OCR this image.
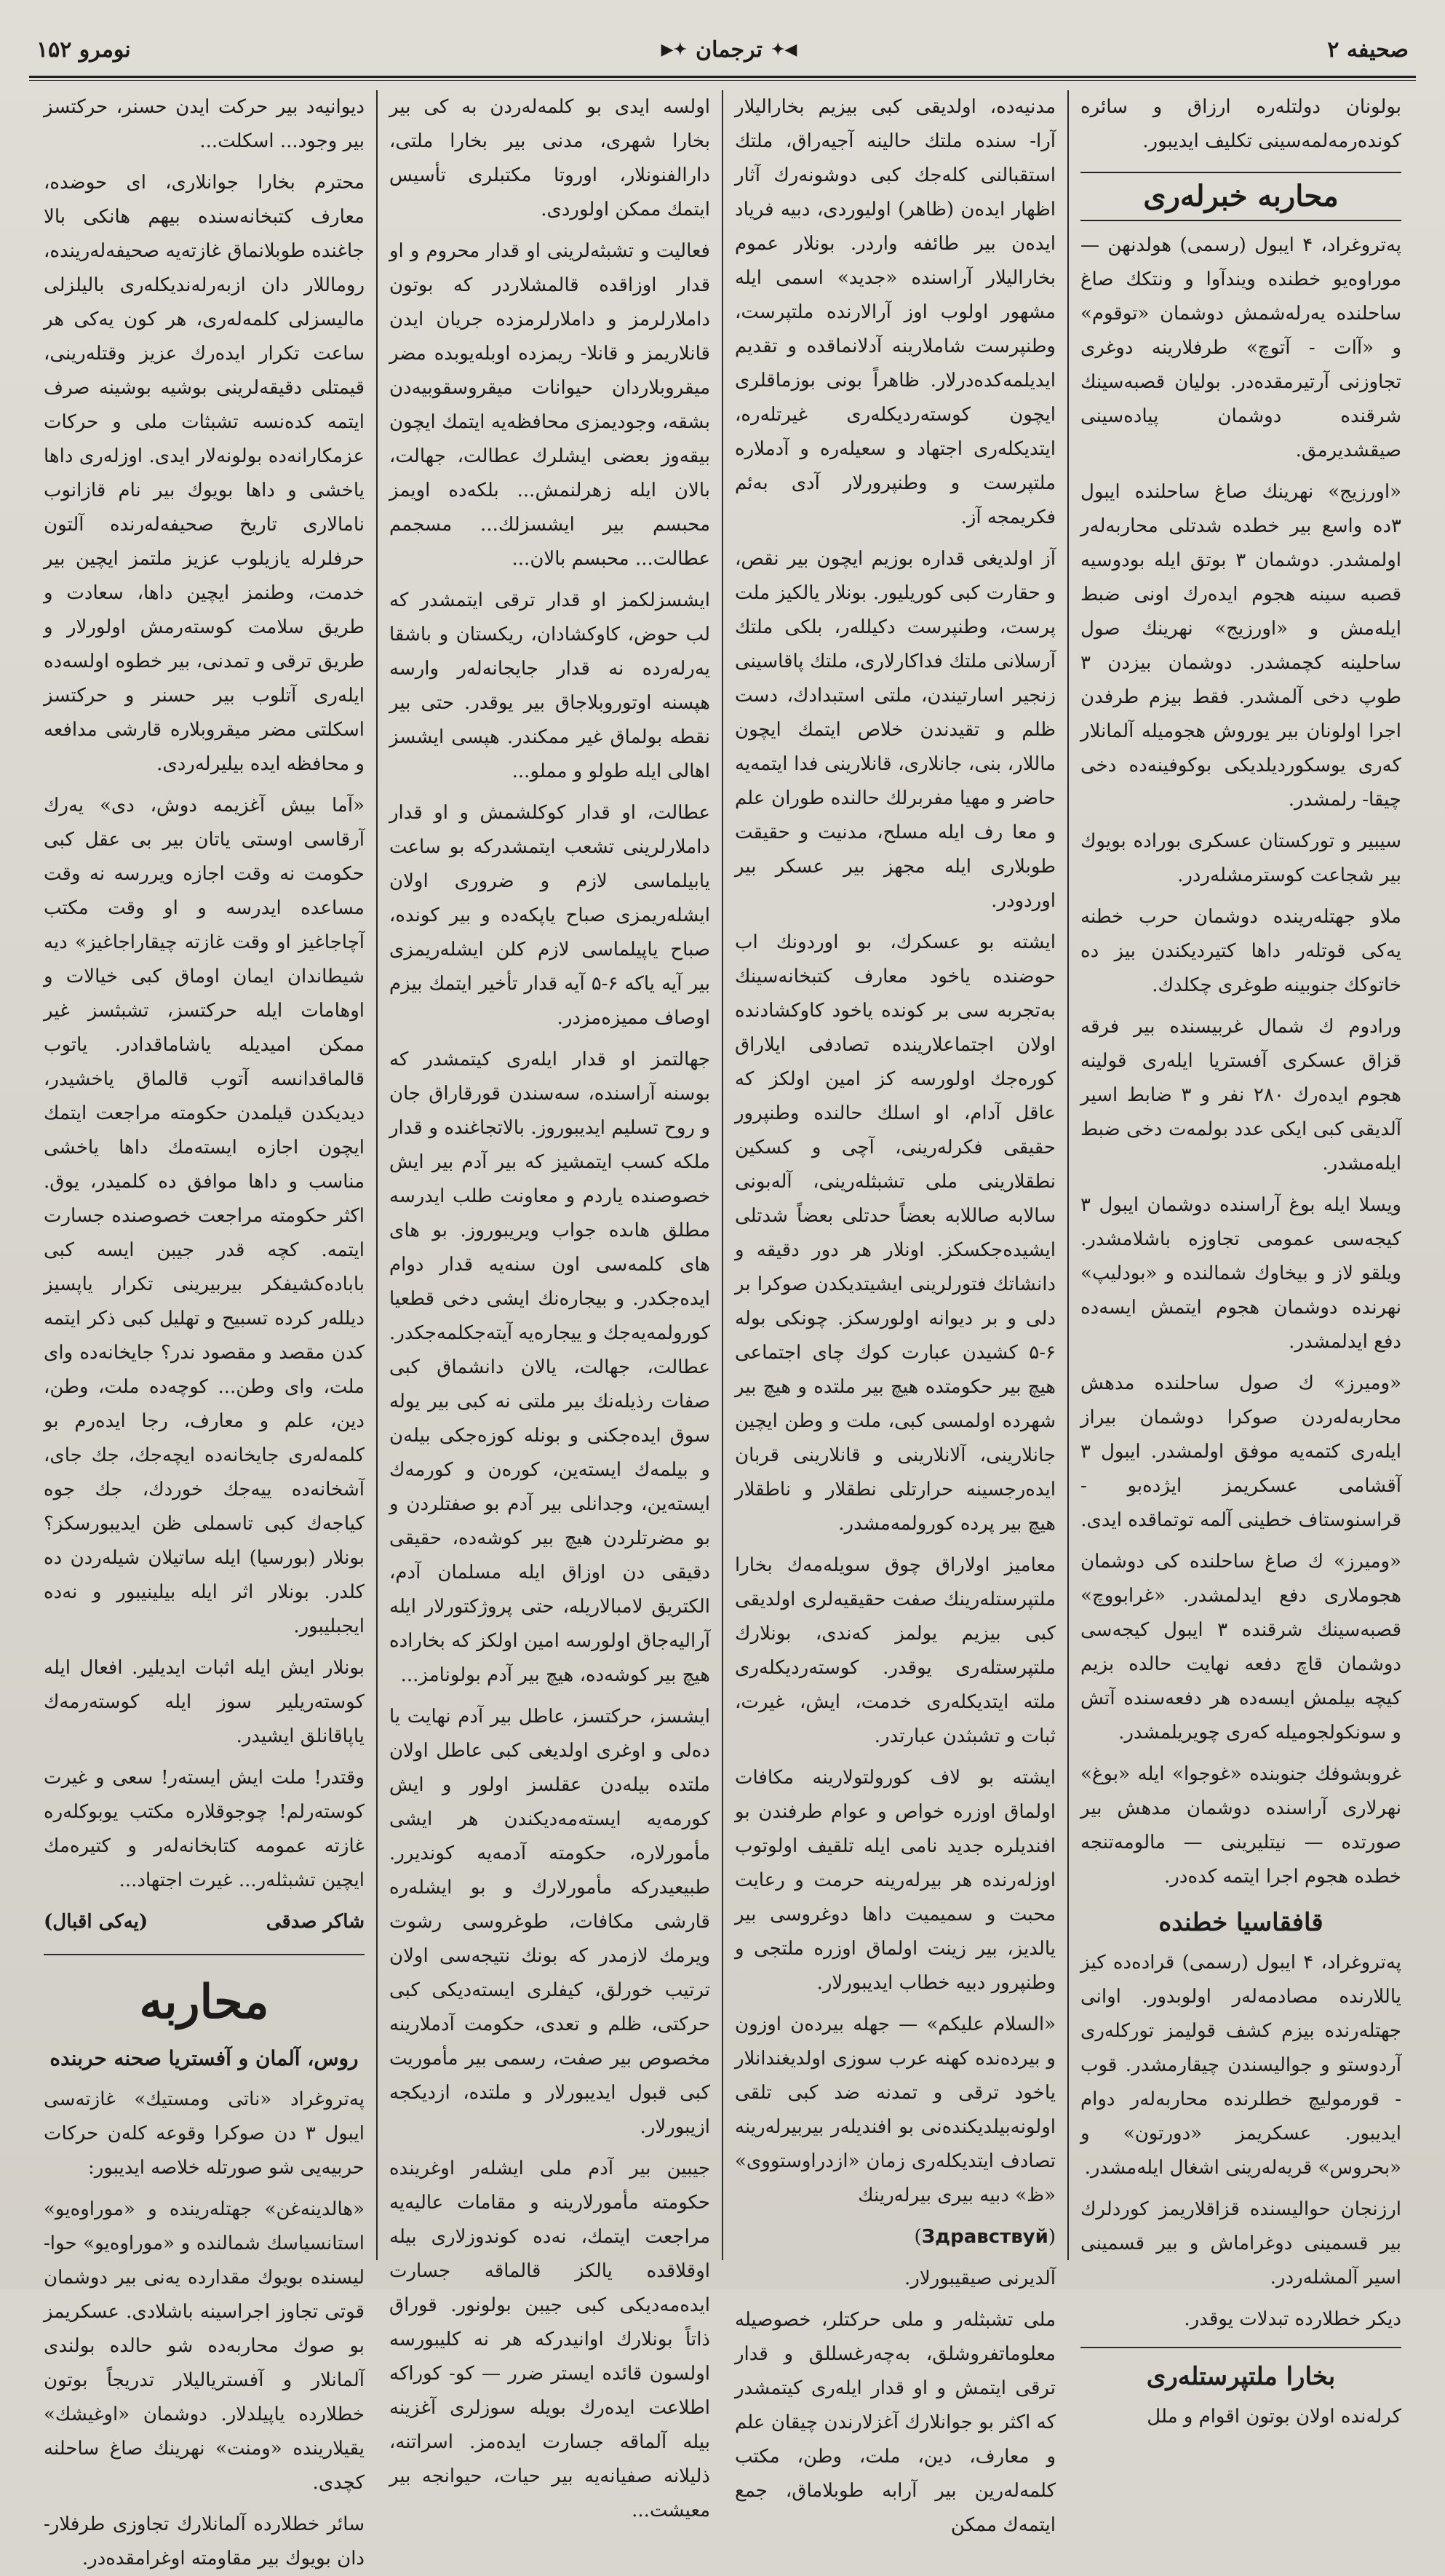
صحیفه ۲
◀✦
ترجمان
✦▶
نومرو ۱۵۲

بولونان دولتلەرە ارزاق و سائرە کوندەرمەلمەسینی تکلیف ایدیبور.

محاربه خبرلەری

پەتروغراد، ۴ ایبول (رسمی) هولدنهن — موراوەیو خطندە ویندآوا و ونتکك صاغ ساحلندە یەرلەشمش دوشمان «توقوم» و «آات - آتوچ» طرفلارینە دوغری تجاوزنی آرتیرمقدەدر. بولیان قصبەسینك شرقندە دوشمان پیادەسینی صیقشدیرمق.

«اورزیج» نهرینك صاغ ساحلندە ایبول ۳دە واسع بیر خطدە شدتلی محاربەلەر اولمشدر. دوشمان ۳ بوتق ایلە بودوسیە قصبە سینە هجوم ایدەرك اونی ضبط ایلەمش و «اورزیج» نهرینك صول ساحلینە کچمشدر. دوشمان بیزدن ۳ طوپ دخی آلمشدر. فقط بیزم طرفدن اجرا اولونان بیر یوروش هجومیلە آلمانلار کەری یوسکوردیلدیکی بوکوفینەدە دخی چیقا- رلمشدر.

سیبیر و تورکستان عسکری بورادە بویوك بیر شجاعت کوسترمشلەردر.

ملاو جهتلەریندە دوشمان حرب خطنە یەکی قوتلەر داها کتیردیکندن بیز دە خاتوکك جنوبینە طوغری چکلدك.

ورادوم ك شمال غربیسندە بیر فرقە قزاق عسکری آفستریا ایلەری قولینە هجوم ایدەرك ۲۸۰ نفر و ۳ ضابط اسیر آلدیقی کبی ایکی عدد بولمەت دخی ضبط ایلەمشدر.

ویسلا ایلە بوغ آراسندە دوشمان ایبول ۳ کیجەسی عمومی تجاوزە باشلامشدر. ویلقو لاز و بیخاوك شمالندە و «بودلیپ» نهرندە دوشمان هجوم ایتمش ایسەدە دفع ایدلمشدر.

«ومیرز» ك صول ساحلندە مدهش محاربەلەردن صوکرا دوشمان بیراز ایلەری کتمەیە موفق اولمشدر. ایبول ۳ آقشامی عسکریمز ایژدەبو - قراسنوستاف خطینی آلمە توتماقدە ایدی.

«ومیرز» ك صاغ ساحلندە کی دوشمان هجوملاری دفع ایدلمشدر. «غرابووچ» قصبەسینك شرقندە ۳ ایبول کیجەسی دوشمان قاچ دفعە نهایت حالدە بزیم کیچە بیلمش ایسەدە هر دفعەسندە آتش و سونکولجومیلە کەری چویریلمشدر.

غروبشوفك جنوبندە «غوجوا» ایلە «بوغ» نهرلاری آراسندە دوشمان مدهش بیر صورتدە — نیتلیرینی — مالومەتنجە خطدە هجوم اجرا ایتمە کدەدر.

قافقاسیا خطندە

پەتروغراد، ۴ ایبول (رسمی) قرادەدە کیز یاللارندە مصادمەلەر اولوبدور. اوانی جهتلەرندە بیزم کشف قولیمز تورکلەری آردوستو و جوالیسندن چیقارمشدر. قوب - قورمولیچ خطلرندە محاربەلەر دوام ایدیبور. عسکریمز «دورتون» و «بحروس» قریەلەرینی اشغال ایلەمشدر.

ارزنجان حوالیسندە قزاقلاریمز کوردلرك بیر قسمینی دوغراماش و بیر قسمینی اسیر آلمشلەردر.

دیکر خطلاردە تبدلات یوقدر.

بخارا ملتپرستلەری

کرلەندە اولان بوتون اقوام و ملل

مدنیەدە، اولدیقی کبی بیزیم بخارالیلار آرا- سندە ملتك حالینە آجیەراق، ملتك استقبالنی کلەجك کبی دوشونەرك آثار اظهار ایدەن (ظاهر) اولیوردى، دبیه فریاد ایدەن بیر طائفە واردر. بونلار عموم بخارالیلار آراسندە «جدید» اسمی ایلە مشهور اولوب اوز آرالارندە ملتپرست، وطنپرست شاملارینە آدلانماقدە و تقدیم ایدیلمەکدەدرلار. ظاهراً بونی بوزماقلری ایچون کوستەردیکلەری غیرتلەرە، ایتدیکلەری اجتهاد و سعیلەرە و آدملارە ملتپرست و وطنپرورلار آدی بەئم فکریمجە آز.

آز اولدیغی قدارە بوزیم ایچون بیر نقص، و حقارت کبی کوریلیور. بونلار یالکیز ملت پرست، وطنپرست دکیللەر، بلکی ملتك آرسلانی ملتك فداکارلاری، ملتك پاقاسینی زنجیر اسارتیندن، ملتی استبدادك، دست ظلم و تقیدندن خلاص ایتمك ایچون ماللار، بنی، جانلاری، قانلارینی فدا ایتمەیە حاضر و مهیا مفربرلك حالندە طوران علم و معا رف ایلە مسلح، مدنیت و حقیقت طوبلاری ایلە مجهز بیر عسکر بیر اوردودر.

ایشتە بو عسکرك، بو اوردونك اب حوضندە یاخود معارف کتبخانەسینك بەتجربە سی بر کوندە یاخود کاوکشادندە اولان اجتماعلاریندە تصادفی ایلاراق کورەجك اولورسە کز امین اولکز کە عاقل آدام، او اسلك حالندە وطنپرور حقیقی فکرلەرینی، آچی و کسکین نطقلارینی ملی تشبثلەرینی، آلەبونی سالابە صاللابە بعضاً حدتلی بعضاً شدتلی ایشیدەجکسکز. اونلار هر دور دقیقە و دانشاتك فتورلرینی ایشیتدیکدن صوکرا بر دلی و بر دیوانە اولورسکز. چونکی بولە ۶-۵ کشیدن عبارت کوك چای اجتماعی هیچ بیر حکومتدە هیچ بیر ملتدە و هیچ بیر شهردە اولمسی کبی، ملت و وطن ایچین جانلارینی، آلانلارینی و قانلارینی قربان ایدەرجسینە حرارتلی نطقلار و ناطقلار هیچ بیر پردە کورولمەمشدر.

معامیز اولاراق چوق سویلەمەك بخارا ملتپرستلەرینك صفت حقیقیەلری اولدیقی کبی بیزیم یولمز کەندی، بونلارك ملتپرستلەری یوقدر. کوستەردیکلەری ملتە ایتدیکلەری خدمت، ایش، غیرت، ثبات و تشبثدن عبارتدر.

ایشتە بو لاف کورولتولارینە مکافات اولماق اوزرە خواص و عوام طرفندن بو افندیلرە جدید نامی ایلە تلقیف اولوتوب اوزلەرندە هر بیرلەرینە حرمت و رعایت محبت و سمیمیت داها دوغروسی بیر یالدیز، بیر زینت اولماق اوزرە ملتجی و وطنپرور دبیه خطاب ایدیبورلار.

«السلام علیکم» — جهلە بیردەن اوزون و بیردەندە کهنە عرب سوزی اولدیغندانلار یاخود ترقی و تمدنە ضد کبی تلقی اولونەبیلدیکندەنی بو افندیلەر بیربیرلەرینە تصادف ایتدیکلەری زمان «ازدراوستووی» «ظ» دبیه بیری بیرلەرینك

(Здравствуй)

آلدیرنی صیقیبورلار.

ملی تشبثلەر و ملی حرکتلر، خصوصیلە معلوماتفروشلق، بەچەرغسللق و قدار ترقی ایتمش و او قدار ایلەری کیتمشدر کە اکثر بو جوانلارك آغزلارندن چیقان علم و معارف، دین، ملت، وطن، مکتب کلمەلەرین بیر آرابە طوبلاماق، جمع ایتمەك ممکن

اولسە ایدی بو کلمەلەردن بە کی بیر بخارا شهری، مدنی بیر بخارا ملتی، دارالفنونلار، اوروتا مکتبلری تأسیس ایتمك ممکن اولوردی.

فعالیت و تشبثەلرینی او قدار محروم و او قدار اوزاقدە قالمشلاردر کە بوتون داملارلرمز و داملارلرمزدە جریان ایدن قانلاریمز و قانلا- ریمزدە اوبلەیوبدە مضر میقروبلاردان حیوانات میقروسقوبیەدن بشقە، وجودیمزی محافظەیە ایتمك ایچون بیقەوز بعضی ایشلرك عطالت، جهالت، بالان ایلە زهرلنمش... بلکەدە اویمز محبسم بیر ایشسزلك... مسجمم عطالت... محبسم بالان...

ایشسزلکمز او قدار ترقی ایتمشدر کە لب حوض، کاوکشادان، ریکستان و باشقا یەرلەردە نە قدار جایجانەلەر وارسە هپسنە اوتوروبلاجاق بیر یوقدر. حتی بیر نقطە بولماق غیر ممکندر. هپسی ایشسز اهالی ایلە طولو و مملو...

عطالت، او قدار کوکلشمش و او قدار داملارلرینی تشعب ایتمشدرکە بو ساعت یابیلماسی لازم و ضروری اولان ایشلەریمزی صباح یاپکەدە و بیر کوندە، صباح یاپیلماسی لازم کلن ایشلەریمزی بیر آیە یاکە ۶-۵ آیە قدار تأخیر ایتمك بیزم اوصاف ممیزەمزدر.

جهالتمز او قدار ایلەری کیتمشدر کە بوسنە آراسندە، سەسندن قورقاراق جان و روح تسلیم ایدیبوروز. بالاتجاغندە و قدار ملکە کسب ایتمشیز کە بیر آدم بیر ایش خصوصندە یاردم و معاونت طلب ایدرسە مطلق هاىدە جواب ویریبوروز. بو هاى های کلمەسی اون سنەیە قدار دوام ایدەجکدر. و بیجارەنك ایشی دخی قطعیا کورولمەیەجك و ییجارەیە آیتەجکلمەجکدر. عطالت، جهالت، یالان دانشماق کبی صفات رذیلەنك بیر ملتی نە کبی بیر یولە سوق ایدەجکنی و بونلە کوزەجکی بیلەن و بیلمەك ایستەین، کورەن و کورمەك ایستەین، وجدانلی بیر آدم بو صفتلردن و بو مضرتلردن هیچ بیر کوشەدە، حقیقی دقیقی دن اوزاق ایلە مسلمان آدم، الکتریق لامبالاریلە، حتی پروژکتورلار ایلە آرالیەجاق اولورسە امین اولکز کە بخارادە هیچ بیر کوشەدە، هیچ بیر آدم بولونامز...

ایشسز، حرکتسز، عاطل بیر آدم نهایت یا دەلی و اوغری اولدیغی کبی عاطل اولان ملتدە بیلەدن عقلسز اولور و ایش کورمەیە ایستەمەدیکندن هر ایشی مأمورلارە، حکومتە آدمەیە کوندیرر. طبیعیدرکە مأمورلارك و بو ایشلەرە قارشی مکافات، طوغروسی رشوت ویرمك لازمدر کە بونك نتیجەسی اولان ترتیب خورلق، کیفلری ایستەدیکی کبی حرکتی، ظلم و تعدی، حکومت آدملارینە مخصوص بیر صفت، رسمی بیر مأموریت کبی قبول ایدیبورلار و ملتدە، ازدیکجە ازیبورلار.

جیبین بیر آدم ملی ایشلەر اوغریندە حکومتە مأمورلارینە و مقامات عالیەیە مراجعت ایتمك، نەدە کوندوزلاری بیلە اوقلاقدە یالکز قالماقە جسارت ایدەمەدیکی کبی جیبن بولونور. قوراق ذاتاً بونلارك اوانیدرکە هر نە کلیبورسە اولسون قائدە ایستر ضرر — کو- کوراکە اطلاعت ایدەرك بویلە سوزلری آغزینە بیلە آلماقە جسارت ایدەمز. اسراتنە، ذلیلانە صفیانەیە بیر حیات، حیوانجە بیر معیشت...

دیوانیەد بیر حرکت ایدن حسنر، حرکتسز بیر وجود... اسکلت...

محترم بخارا جوانلاری، ای حوضدە، معارف کتبخانەسندە بیهم هانکی بالا جاغندە طوبلانماق غازتەیە صحیفەلەریندە، روماللار دان ازبەرلەندیکلەری بالیلزلی مالیسزلی کلمەلەری، هر کون یەکی هر ساعت تکرار ایدەرك عزیز وقتلەرینی، قیمتلی دقیقەلرینی بوشیە بوشینە صرف ایتمە کدەنسە تشبثات ملی و حرکات عزمکارانەدە بولونەلار ایدی. اوزلەری داها یاخشی و داها بویوك بیر نام قازانوب نامالاری تاریخ صحیفەلەرندە آلتون حرفلرلە یازیلوب عزیز ملتمز ایچین بیر خدمت، وطنمز ایچین داها، سعادت و طریق سلامت کوستەرمش اولورلار و طریق ترقی و تمدنی، بیر خطوە اولسەدە ایلەری آتلوب بیر حسنر و حرکتسز اسکلتی مضر میقروبلارە قارشی مدافعە و محافظە ایدە بیلیرلەردی.

«آما بیش آغزیمە دوش، دی» یەرك آرقاسی اوستی یاتان بیر بی عقل کبی حکومت نە وقت اجازە ویررسە نە وقت مساعدە ایدرسە و او وقت مکتب آچاجاغیز او وقت غازتە چیقاراجاغیز» دیە شیطاندان ایمان اوماق کبی خیالات و اوهامات ایلە حرکتسز، تشبثسز غیر ممکن امیدیلە یاشاماقدادر. یاتوب قالماقدانسە آتوب قالماق یاخشیدر، دیدیکدن قیلمدن حکومتە مراجعت ایتمك ایچون اجازە ایستەمك داها یاخشی مناسب و داها موافق دە کلمیدر، یوق. اکثر حکومتە مراجعت خصوصندە جسارت ایتمە. کچە قدر جیبن ایسە کبی بابادەکشیفکر بیربیرینی تکرار یاپسیز دیللەر کردە تسبیح و تهلیل کبی ذکر ایتمە کدن مقصد و مقصود ندر؟ جایخانەدە وای ملت، وای وطن... کوچەدە ملت، وطن، دین، علم و معارف، رجا ایدەرم بو کلمەلەری جایخانەدە ایچەجك، جك جای، آشخانەدە ییەجك خوردك، جك جوە کیاجەك کبی تاسملی ظن ایدیبورسکز؟ بونلار (بورسیا) ایلە ساتیلان شیلەردن دە کلدر. بونلار اثر ایلە بیلینیبور و نەدە ایجبلیبور.

بونلار ایش ایلە اثبات ایدیلیر. افعال ایلە کوستەریلیر سوز ایلە کوستەرمەك یاپاقانلق ایشیدر.

وقتدر! ملت ایش ایستەر! سعی و غیرت کوستەرلم! چوجوقلارە مکتب یوبوکلەرە غازتە عمومە کتابخانەلەر و کتیرەمك ایچین تشبثلەر... غیرت اجتهاد...

شاكر صدقی
(یەکی اقبال)
محاربه
روس، آلمان و آفستریا صحنه حربنده

پەتروغراد «ناتی ومستیك» غازتەسی ایبول ۳ دن صوکرا وقوعە کلەن حرکات حربیەیی شو صورتلە خلاصە ایدیبور:

«هالدینەغن» جهتلەریندە و «موراوەیو» استانسیاسك شمالندە و «موراوەیو» حوا- لیسندە بویوك مقداردە یەنی بیر دوشمان قوتی تجاوز اجراسینە باشلادی. عسکریمز بو صوك محاربەدە شو حالدە بولندی آلمانلار و آفستریالیلار تدریجاً بوتون خطلاردە یاپیلدلار. دوشمان «اوغیشك» یقیلاریندە «ومنت» نهرینك صاغ ساحلنە کچدی.

سائر خطلاردە آلمانلارك تجاوزی طرفلار- دان بویوك بیر مقاومتە اوغرامقدەدر.
